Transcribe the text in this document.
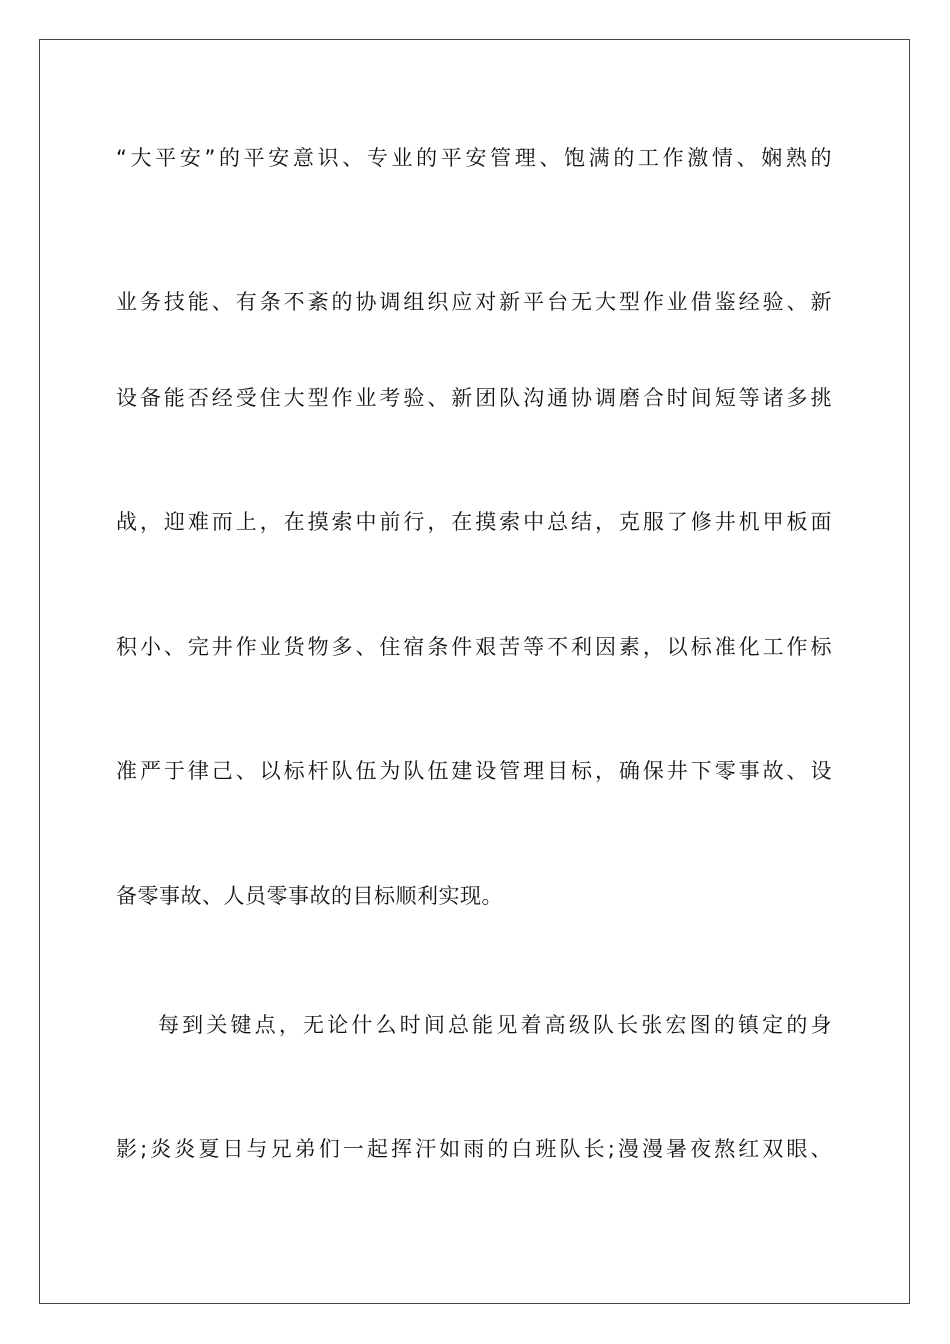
“大平安”的平安意识、专业的平安管理、饱满的工作激情、娴熟的
业务技能、有条不紊的协调组织应对新平台无大型作业借鉴经验、新
设备能否经受住大型作业考验、新团队沟通协调磨合时间短等诸多挑
战，迎难而上，在摸索中前行，在摸索中总结，克服了修井机甲板面
积小、完井作业货物多、住宿条件艰苦等不利因素，以标准化工作标
准严于律己、以标杆队伍为队伍建设管理目标，确保井下零事故、设
备零事故、人员零事故的目标顺利实现。
每到关键点，无论什么时间总能见着高级队长张宏图的镇定的身
影;炎炎夏日与兄弟们一起挥汗如雨的白班队长;漫漫暑夜熬红双眼、
